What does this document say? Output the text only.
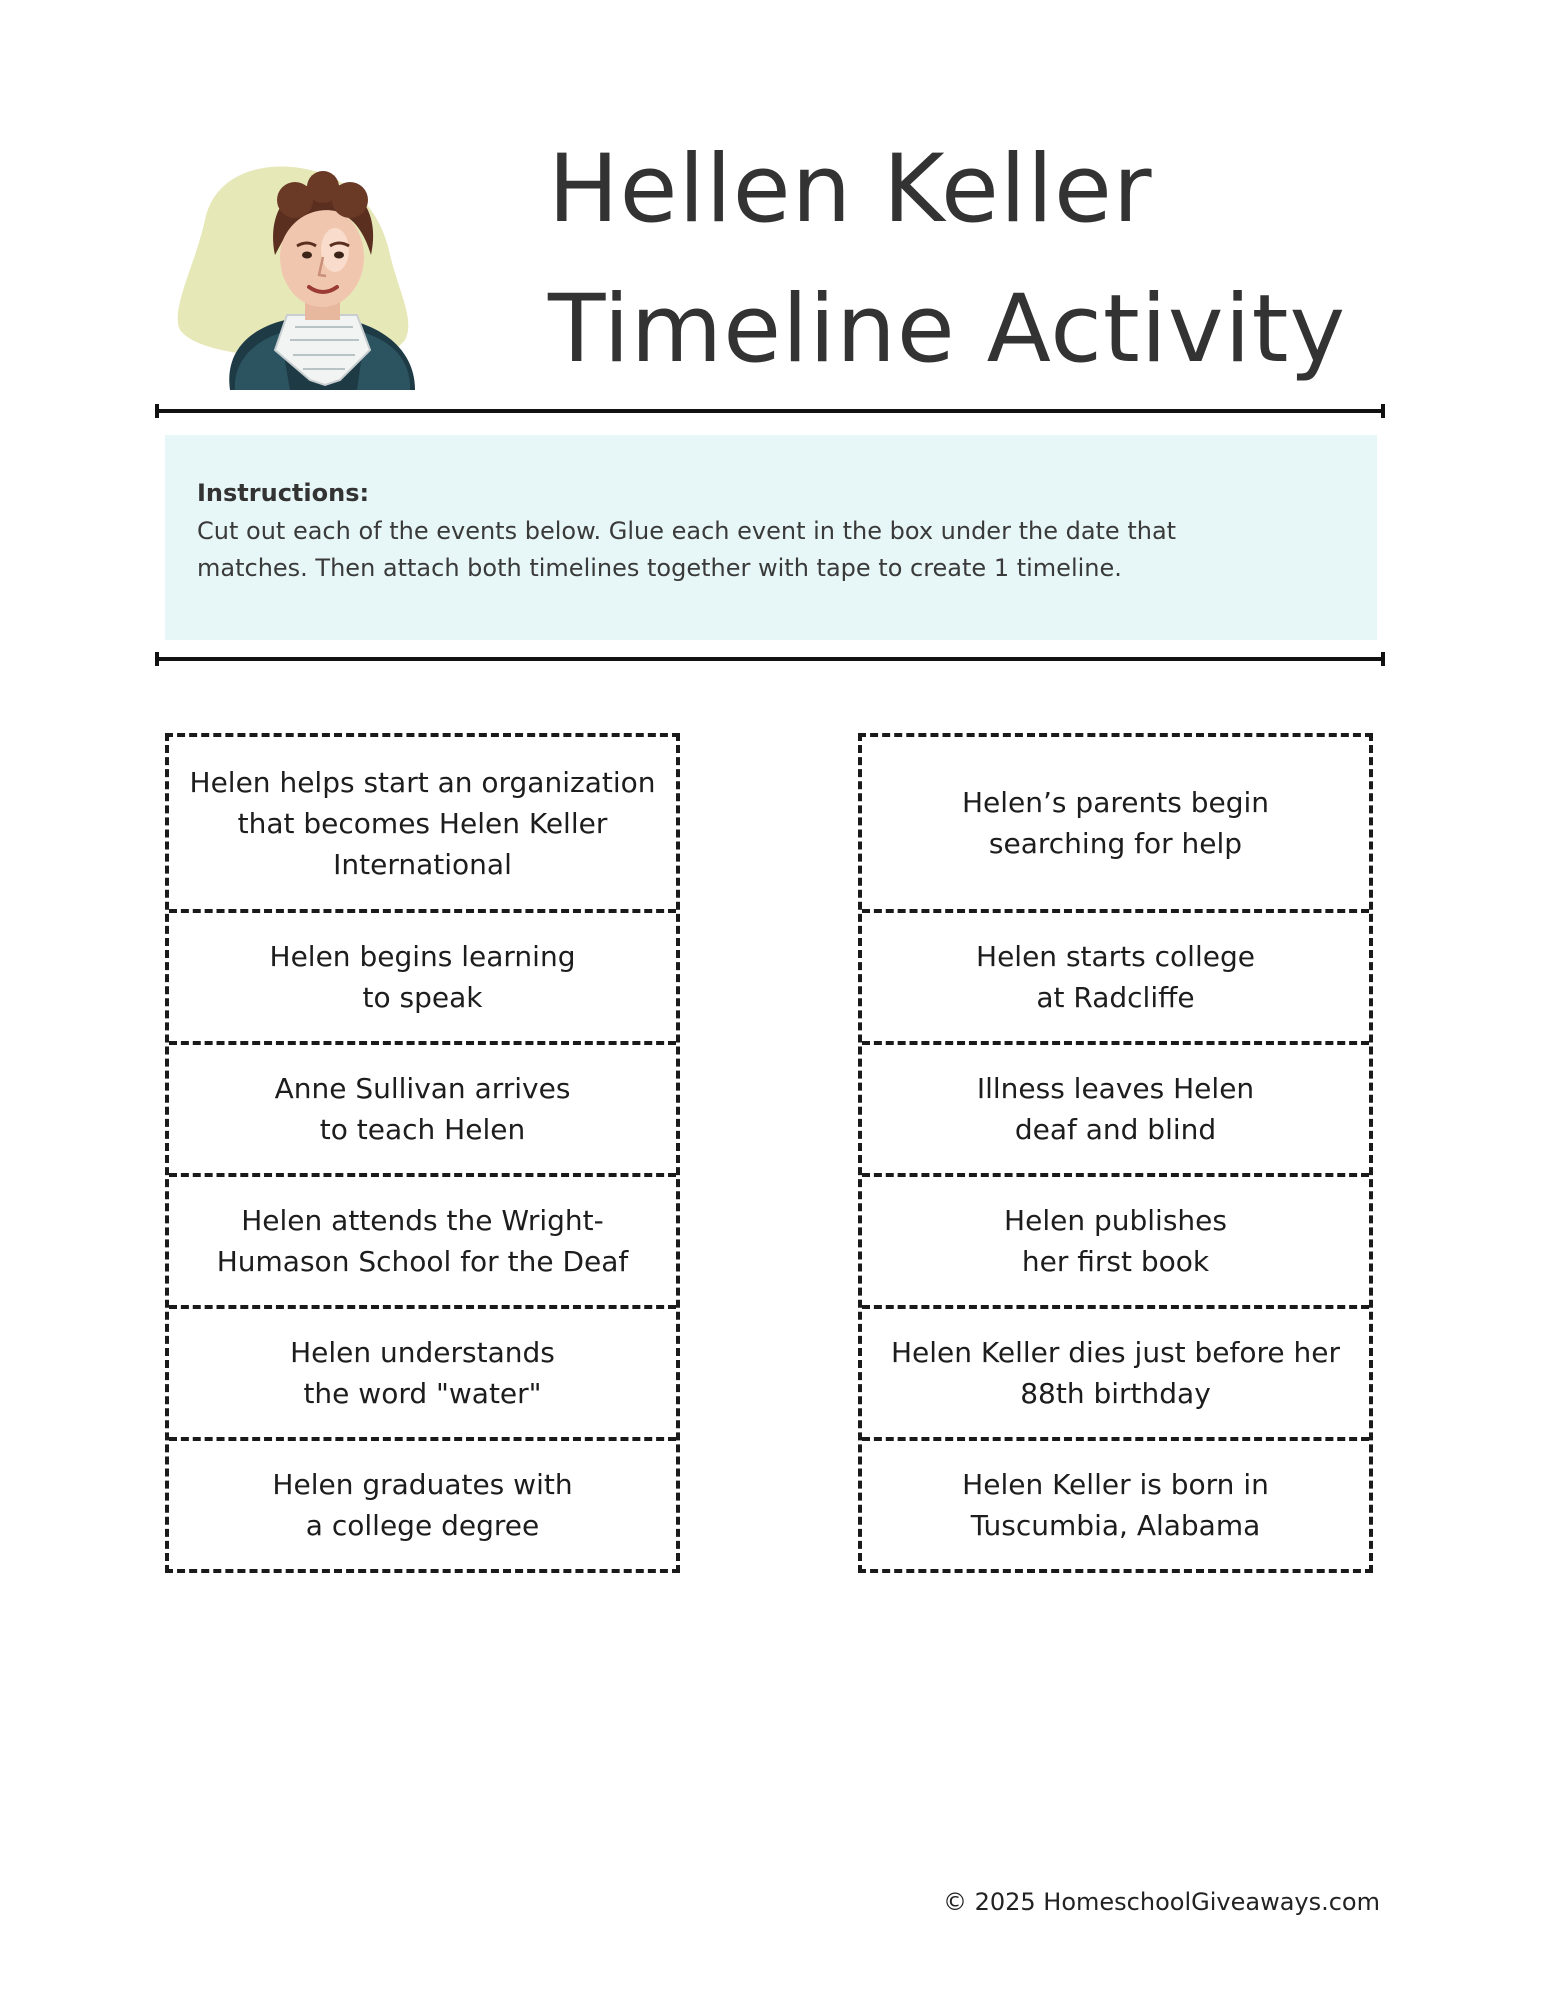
Hellen Keller
Timeline Activity

Instructions:

Cut out each of the events below. Glue each event in the box under the date that matches. Then attach both timelines together with tape to create 1 timeline.

Helen helps start an organization
that becomes Helen Keller
International
Helen begins learning
to speak
Anne Sullivan arrives
to teach Helen
Helen attends the Wright-
Humason School for the Deaf
Helen understands
the word "water"
Helen graduates with
a college degree
Helen’s parents begin
searching for help
Helen starts college
at Radcliffe
Illness leaves Helen
deaf and blind
Helen publishes
her first book
Helen Keller dies just before her
88th birthday
Helen Keller is born in
Tuscumbia, Alabama
© 2025 HomeschoolGiveaways.com
